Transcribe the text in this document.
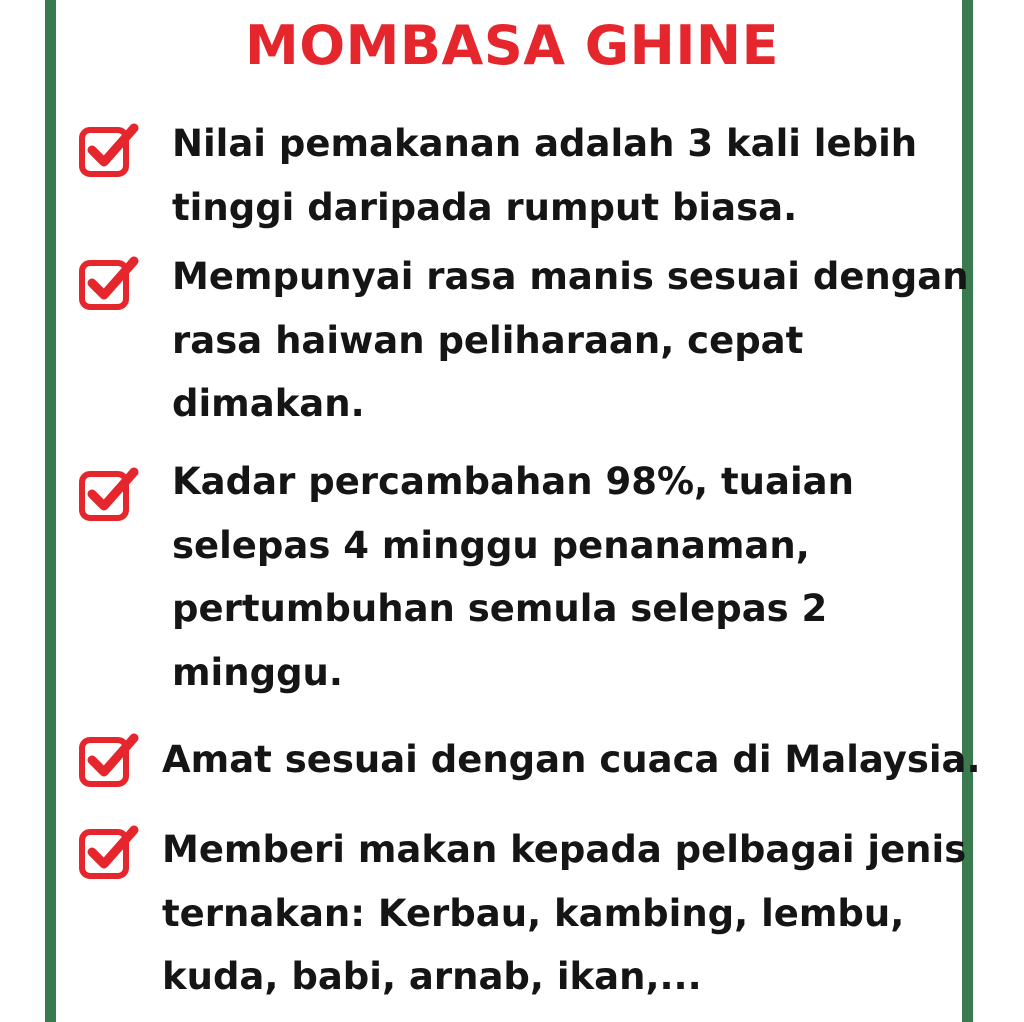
MOMBASA GHINE

Nilai pemakanan adalah 3 kali lebih
tinggi daripada rumput biasa.

Mempunyai rasa manis sesuai dengan
rasa haiwan peliharaan, cepat
dimakan.

Kadar percambahan 98%, tuaian
selepas 4 minggu penanaman,
pertumbuhan semula selepas 2
minggu.

Amat sesuai dengan cuaca di Malaysia.

Memberi makan kepada pelbagai jenis
ternakan: Kerbau, kambing, lembu,
kuda, babi, arnab, ikan,...
